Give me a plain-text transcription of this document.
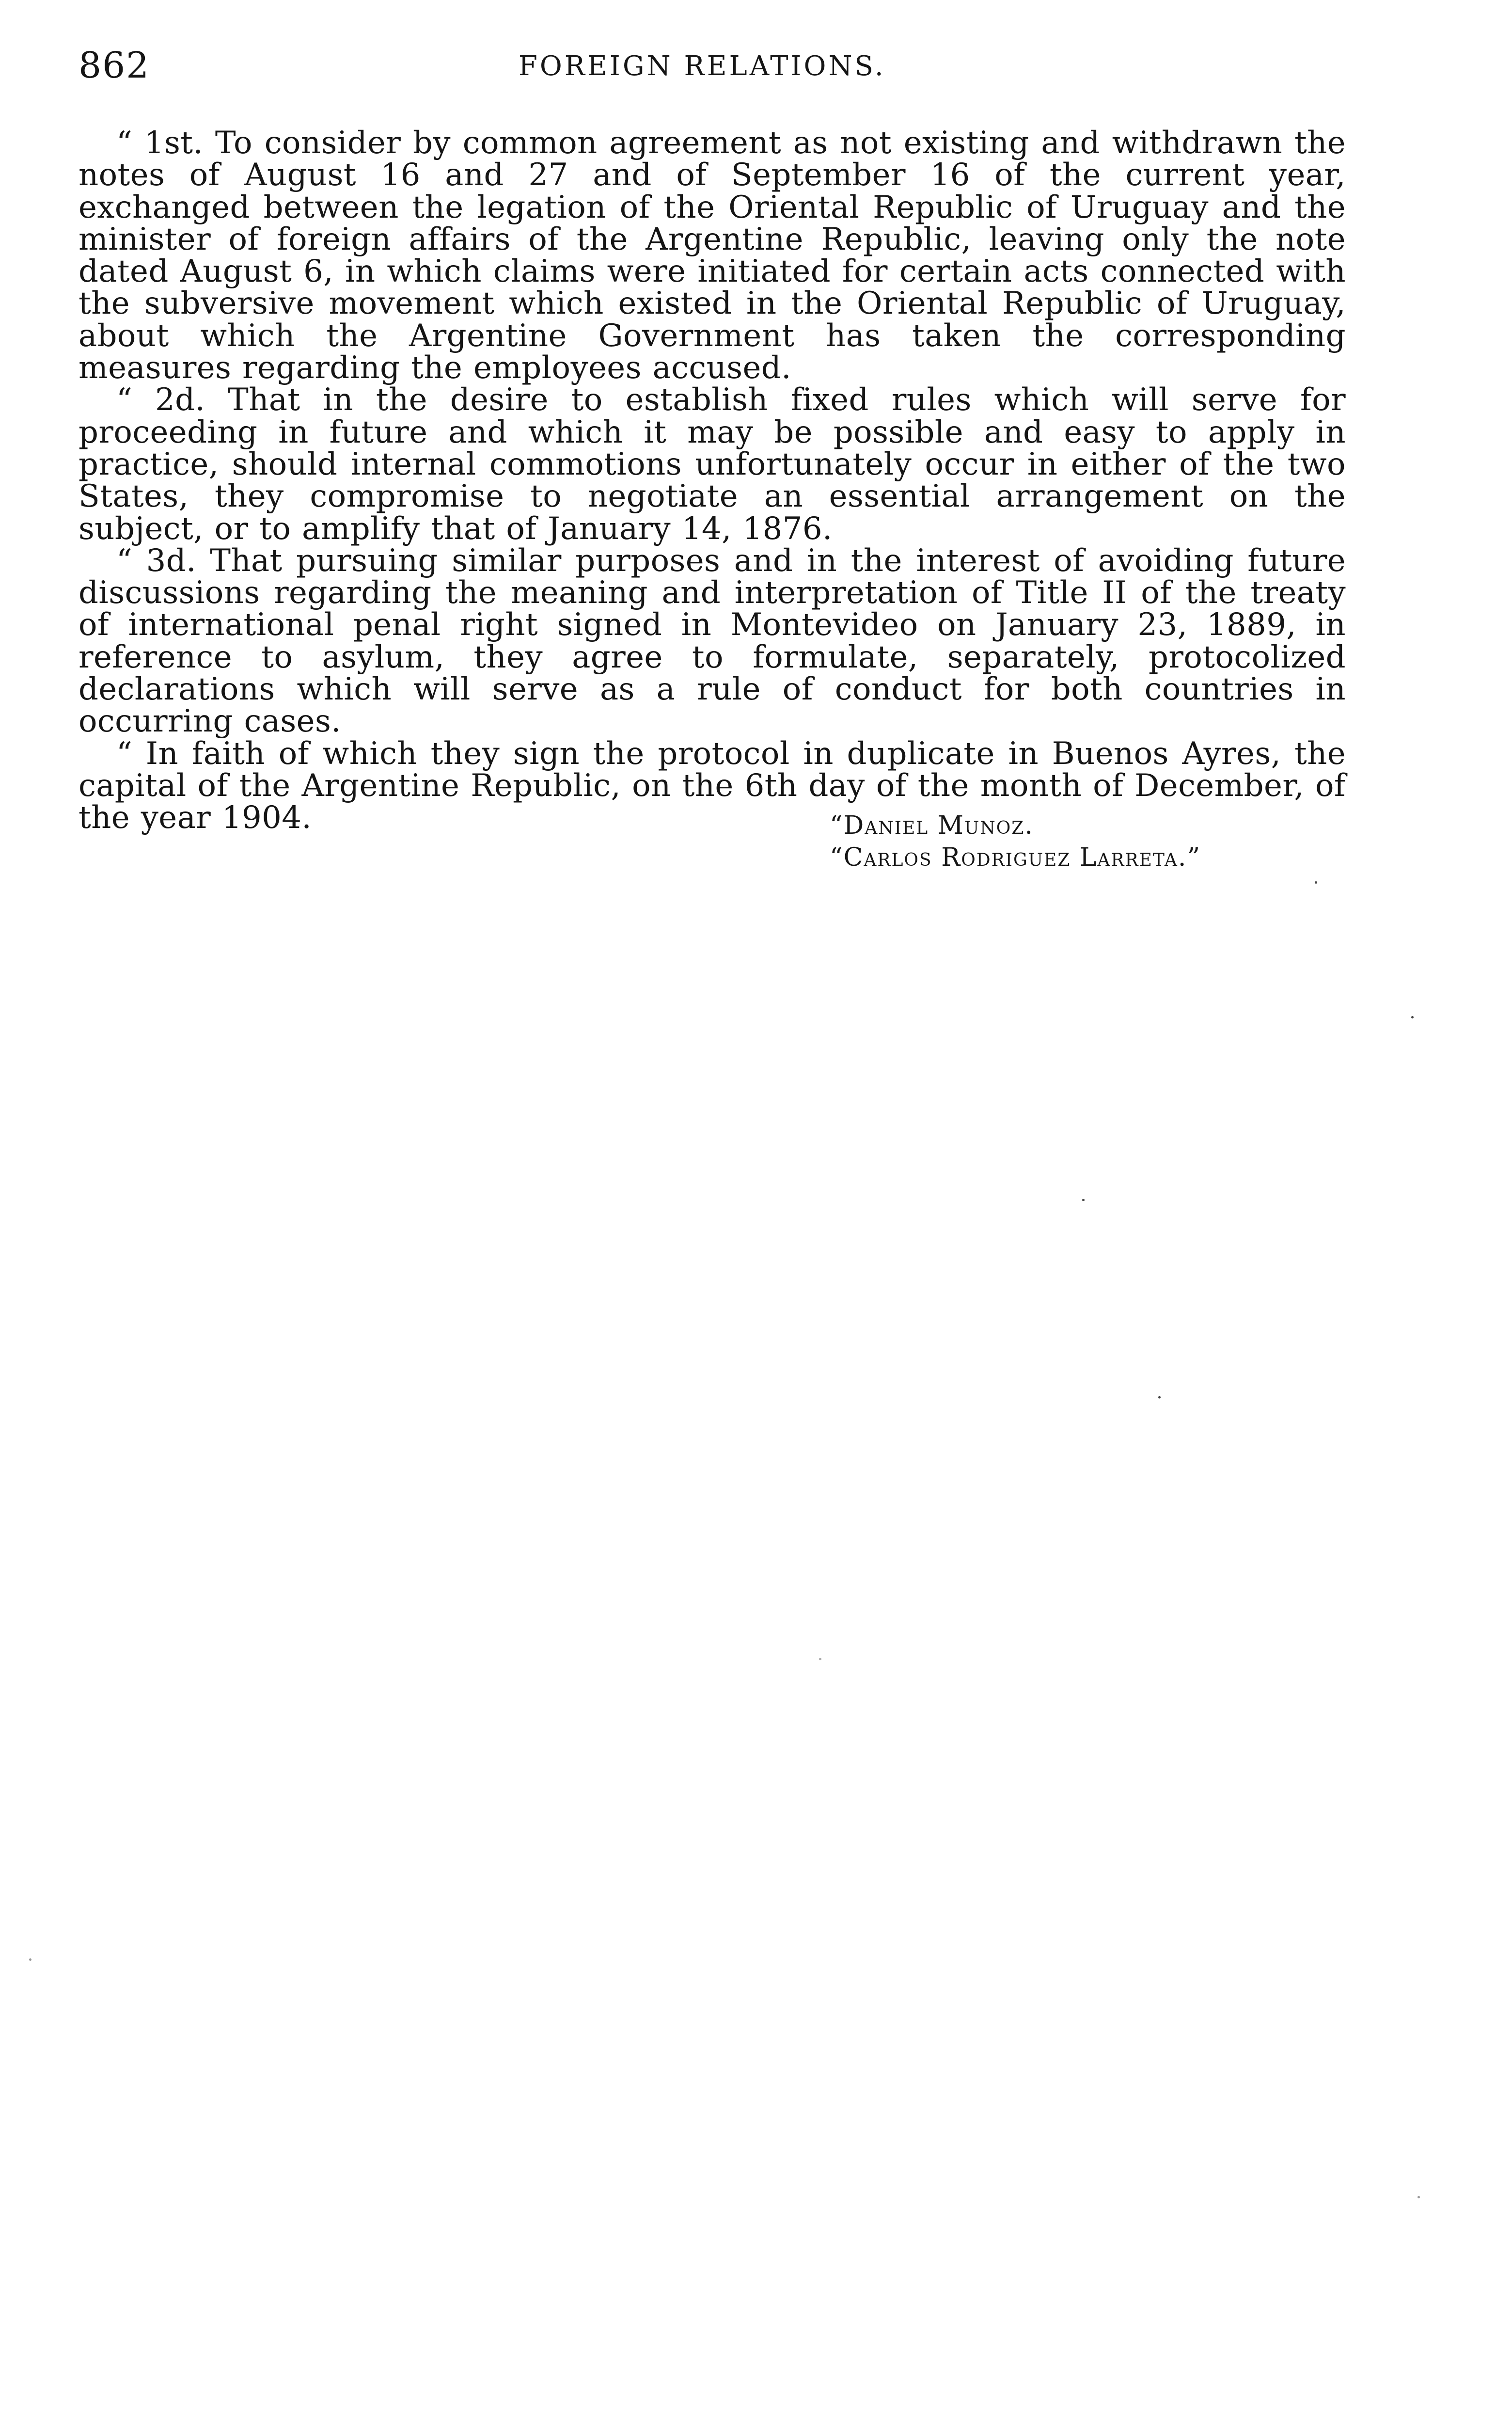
862	FOREIGN RELATIONS.

“ 1st. To consider by common agreement as not existing and withdrawn the notes of August 16 and 27 and of September 16 of the current year, exchanged between the legation of the Oriental Republic of Uruguay and the minister of foreign affairs of the Argentine Republic, leaving only the note dated August 6, in which claims were initiated for certain acts connected with the subversive movement which existed in the Oriental Republic of Uruguay, about which the Argentine Government has taken the corresponding measures regarding the employees accused.

“ 2d. That in the desire to establish fixed rules which will serve for proceeding in future and which it may be possible and easy to apply in practice, should internal commotions unfortunately occur in either of the two States, they compromise to negotiate an essential arrangement on the subject, or to amplify that of January 14, 1876.

“ 3d. That pursuing similar purposes and in the interest of avoiding future discussions regarding the meaning and interpretation of Title II of the treaty of international penal right signed in Montevideo on January 23, 1889, in reference to asylum, they agree to formulate, separately, protocolized declarations which will serve as a rule of conduct for both countries in occurring cases.

“ In faith of which they sign the protocol in duplicate in Buenos Ayres, the capital of the Argentine Republic, on the 6th day of the month of December, of the year 1904.	“Daniel Munoz.
“Carlos Rodriguez Larreta.”
